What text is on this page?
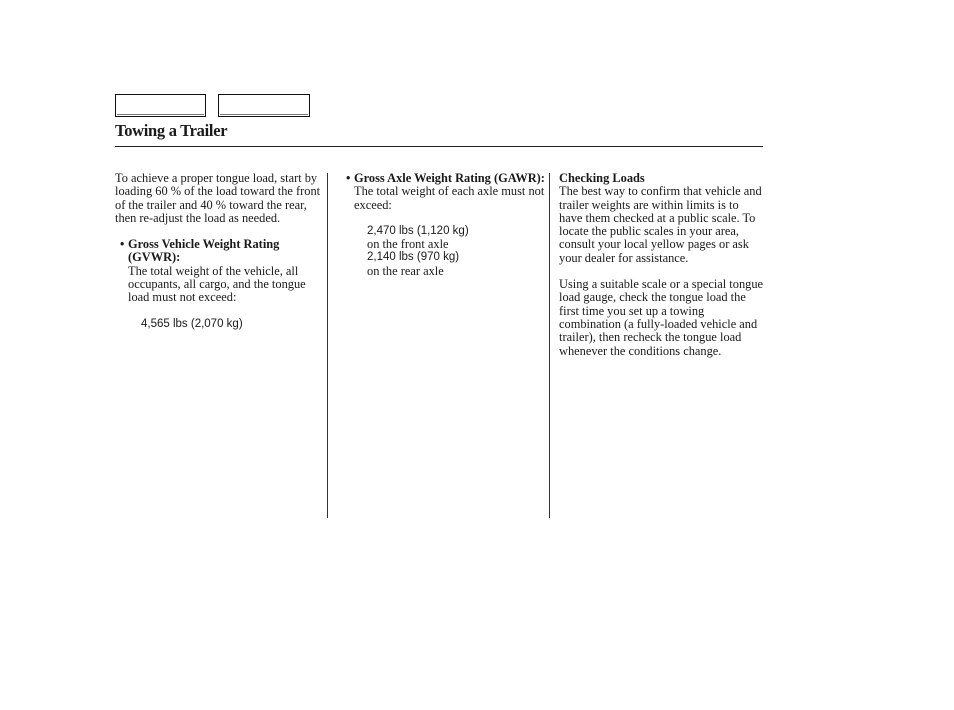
Towing a Trailer

To achieve a proper tongue load, start by loading 60 % of the load toward the front of the trailer and 40 % toward the rear, then re-adjust the load as needed.

• Gross Vehicle Weight Rating (GVWR):

The total weight of the vehicle, all occupants, all cargo, and the tongue load must not exceed:

4,565 lbs (2,070 kg)

• Gross Axle Weight Rating (GAWR):

The total weight of each axle must not exceed:

2,470 lbs (1,120 kg)

on the front axle

2,140 lbs (970 kg)

on the rear axle

Checking Loads

The best way to confirm that vehicle and trailer weights are within limits is to have them checked at a public scale. To locate the public scales in your area, consult your local yellow pages or ask your dealer for assistance.

Using a suitable scale or a special tongue load gauge, check the tongue load the first time you set up a towing combination (a fully-loaded vehicle and trailer), then recheck the tongue load whenever the conditions change.
